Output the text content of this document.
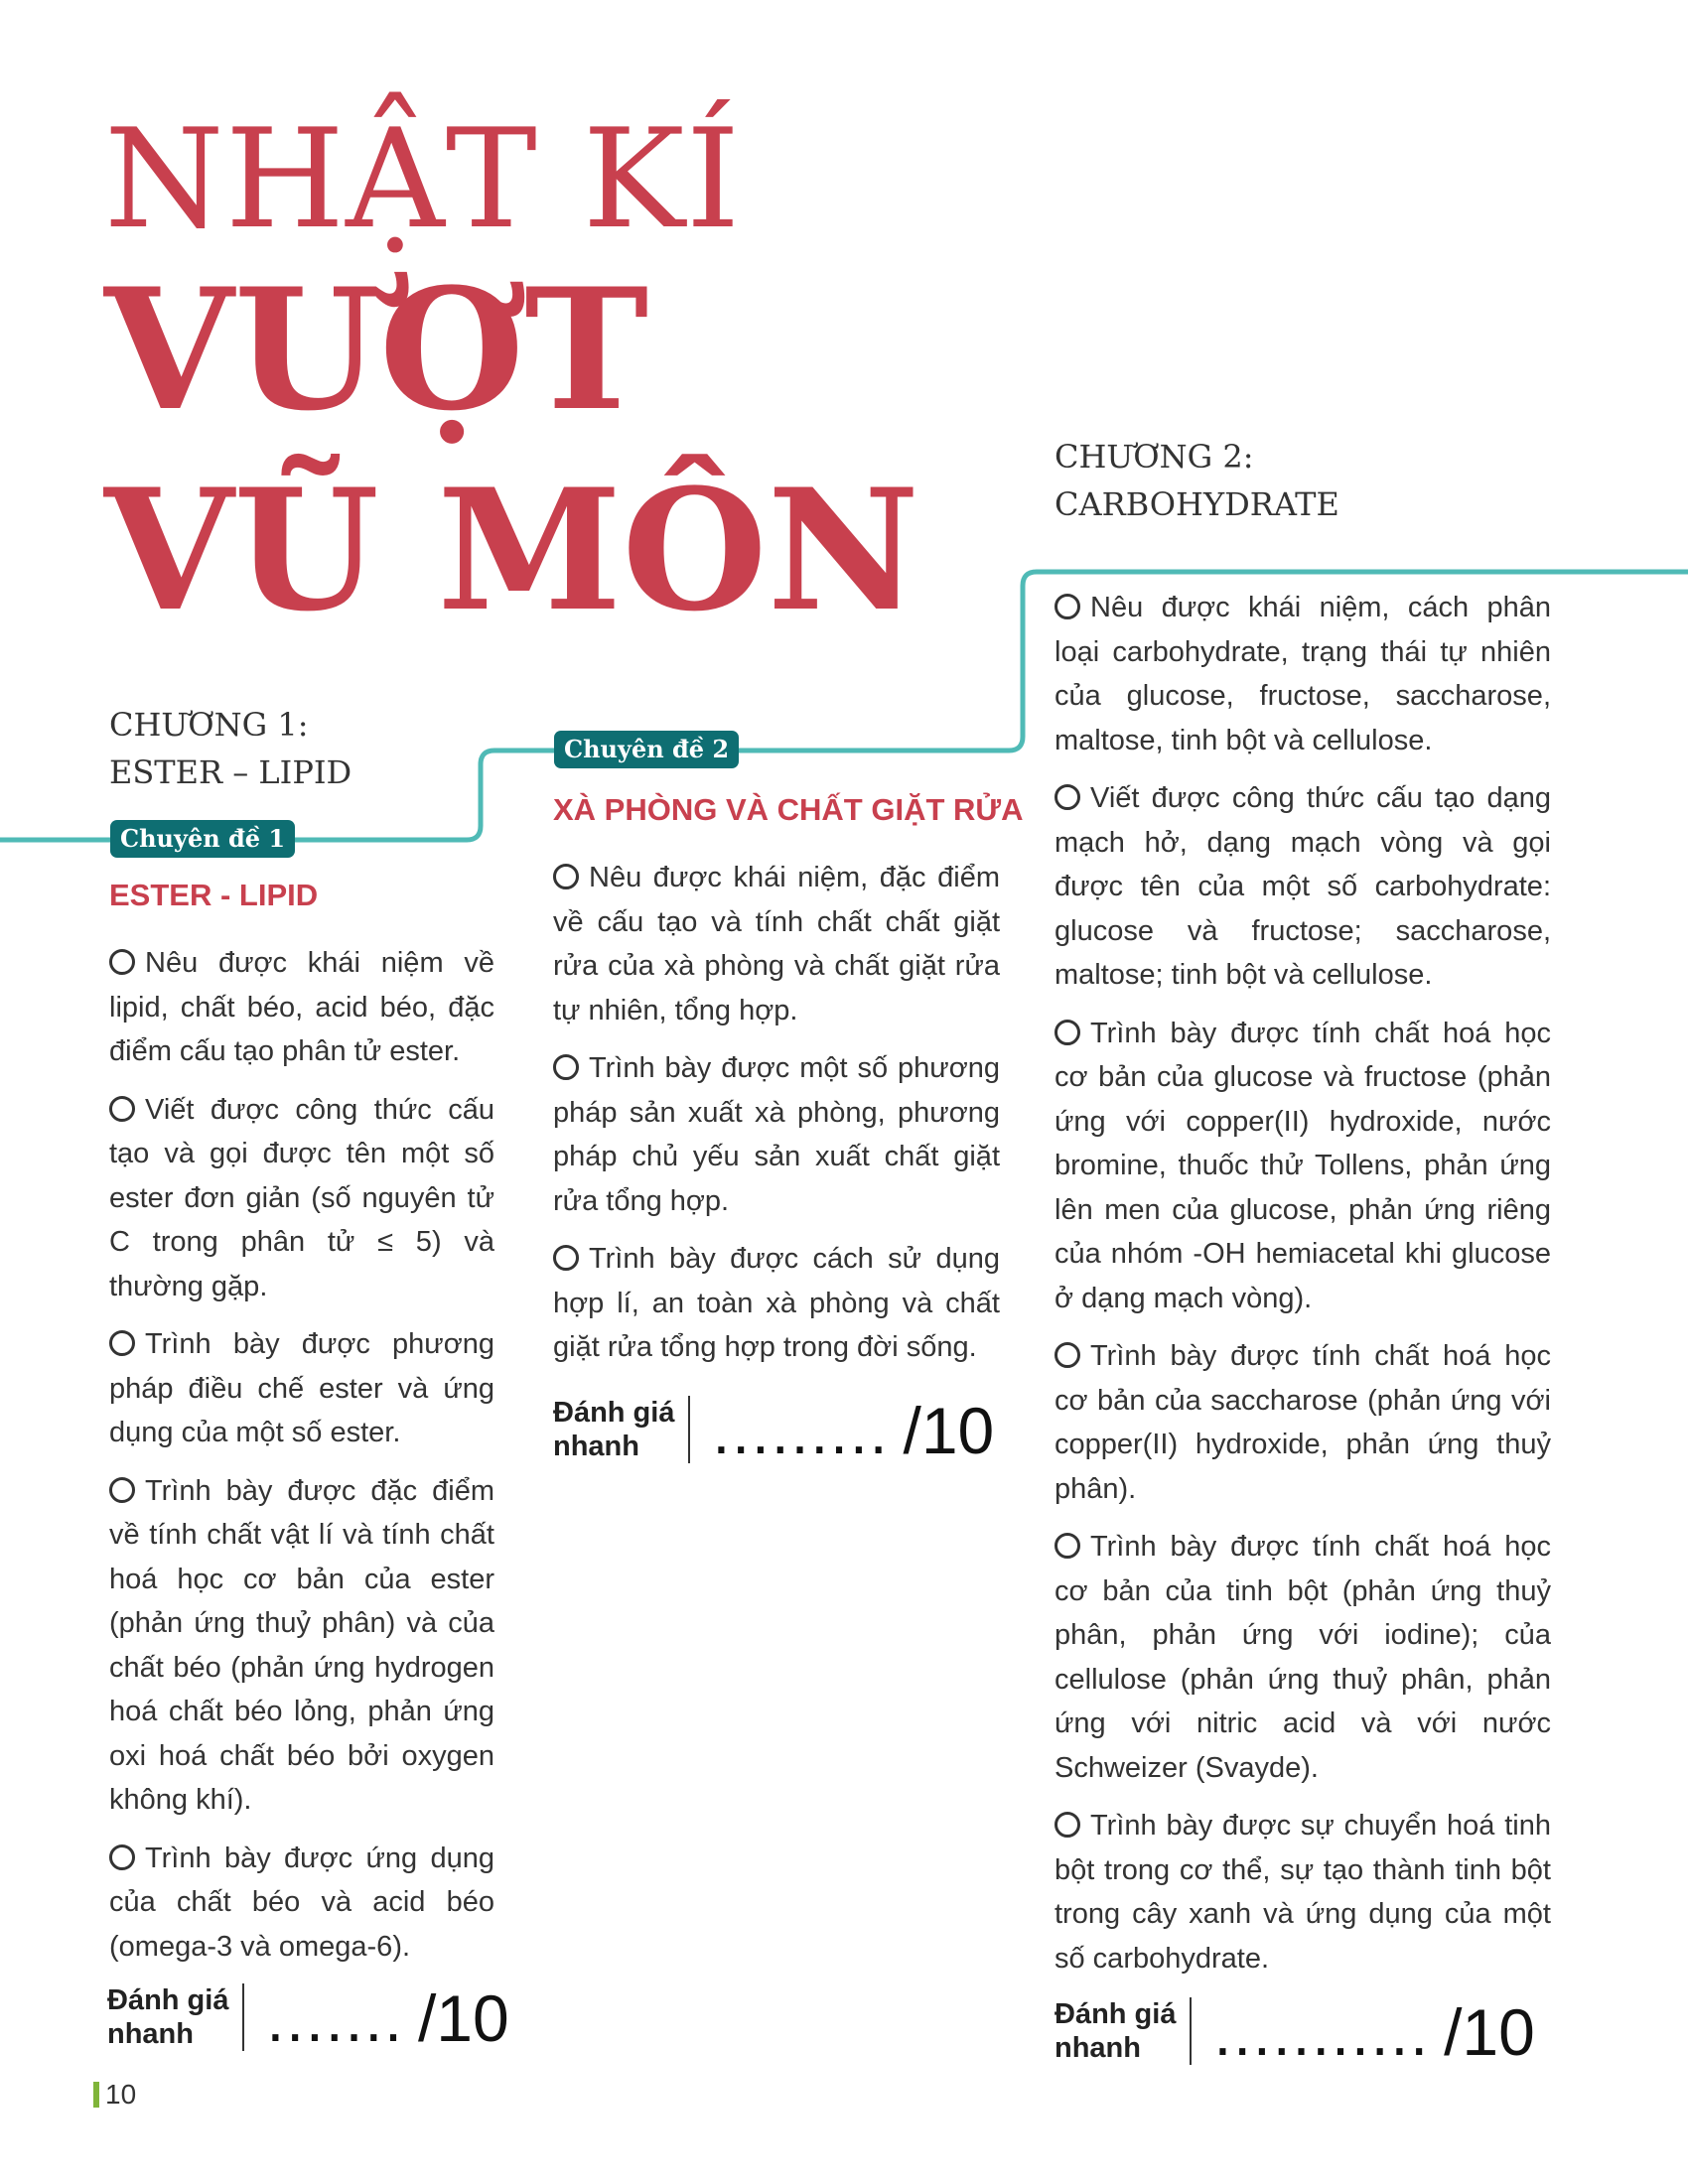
NHẬT KÍ
VƯỢT
VŨ MÔN
CHƯƠNG 1:
ESTER – LIPID
CHƯƠNG 2:
CARBOHYDRATE
Chuyên đề 1
ESTER - LIPID

Nêu được khái niệm về lipid, chất béo, acid béo, đặc điểm cấu tạo phân tử ester.

Viết được công thức cấu tạo và gọi được tên một số ester đơn giản (số nguyên tử C trong phân tử ≤ 5) và thường gặp.

Trình bày được phương pháp điều chế ester và ứng dụng của một số ester.

Trình bày được đặc điểm về tính chất vật lí và tính chất hoá học cơ bản của ester (phản ứng thuỷ phân) và của chất béo (phản ứng hydrogen hoá chất béo lỏng, phản ứng oxi hoá chất béo bởi oxygen không khí).

Trình bày được ứng dụng của chất béo và acid béo (omega-3 và omega-6).

Đánh giá
nhanh	....... /10
Chuyên đề 2
XÀ PHÒNG VÀ CHẤT GIẶT RỬA

Nêu được khái niệm, đặc điểm về cấu tạo và tính chất chất giặt rửa của xà phòng và chất giặt rửa tự nhiên, tổng hợp.

Trình bày được một số phương pháp sản xuất xà phòng, phương pháp chủ yếu sản xuất chất giặt rửa tổng hợp.

Trình bày được cách sử dụng hợp lí, an toàn xà phòng và chất giặt rửa tổng hợp trong đời sống.

Đánh giá
nhanh	......... /10

Nêu được khái niệm, cách phân loại carbohydrate, trạng thái tự nhiên của glucose, fructose, saccharose, maltose, tinh bột và cellulose.

Viết được công thức cấu tạo dạng mạch hở, dạng mạch vòng và gọi được tên của một số carbohydrate: glucose và fructose; saccharose, maltose; tinh bột và cellulose.

Trình bày được tính chất hoá học cơ bản của glucose và fructose (phản ứng với copper(II) hydroxide, nước bromine, thuốc thử Tollens, phản ứng lên men của glucose, phản ứng riêng của nhóm -OH hemiacetal khi glucose ở dạng mạch vòng).

Trình bày được tính chất hoá học cơ bản của saccharose (phản ứng với copper(II) hydroxide, phản ứng thuỷ phân).

Trình bày được tính chất hoá học cơ bản của tinh bột (phản ứng thuỷ phân, phản ứng với iodine); của cellulose (phản ứng thuỷ phân, phản ứng với nitric acid và với nước Schweizer (Svayde).

Trình bày được sự chuyển hoá tinh bột trong cơ thể, sự tạo thành tinh bột trong cây xanh và ứng dụng của một số carbohydrate.

Đánh giá
nhanh	........... /10
10
